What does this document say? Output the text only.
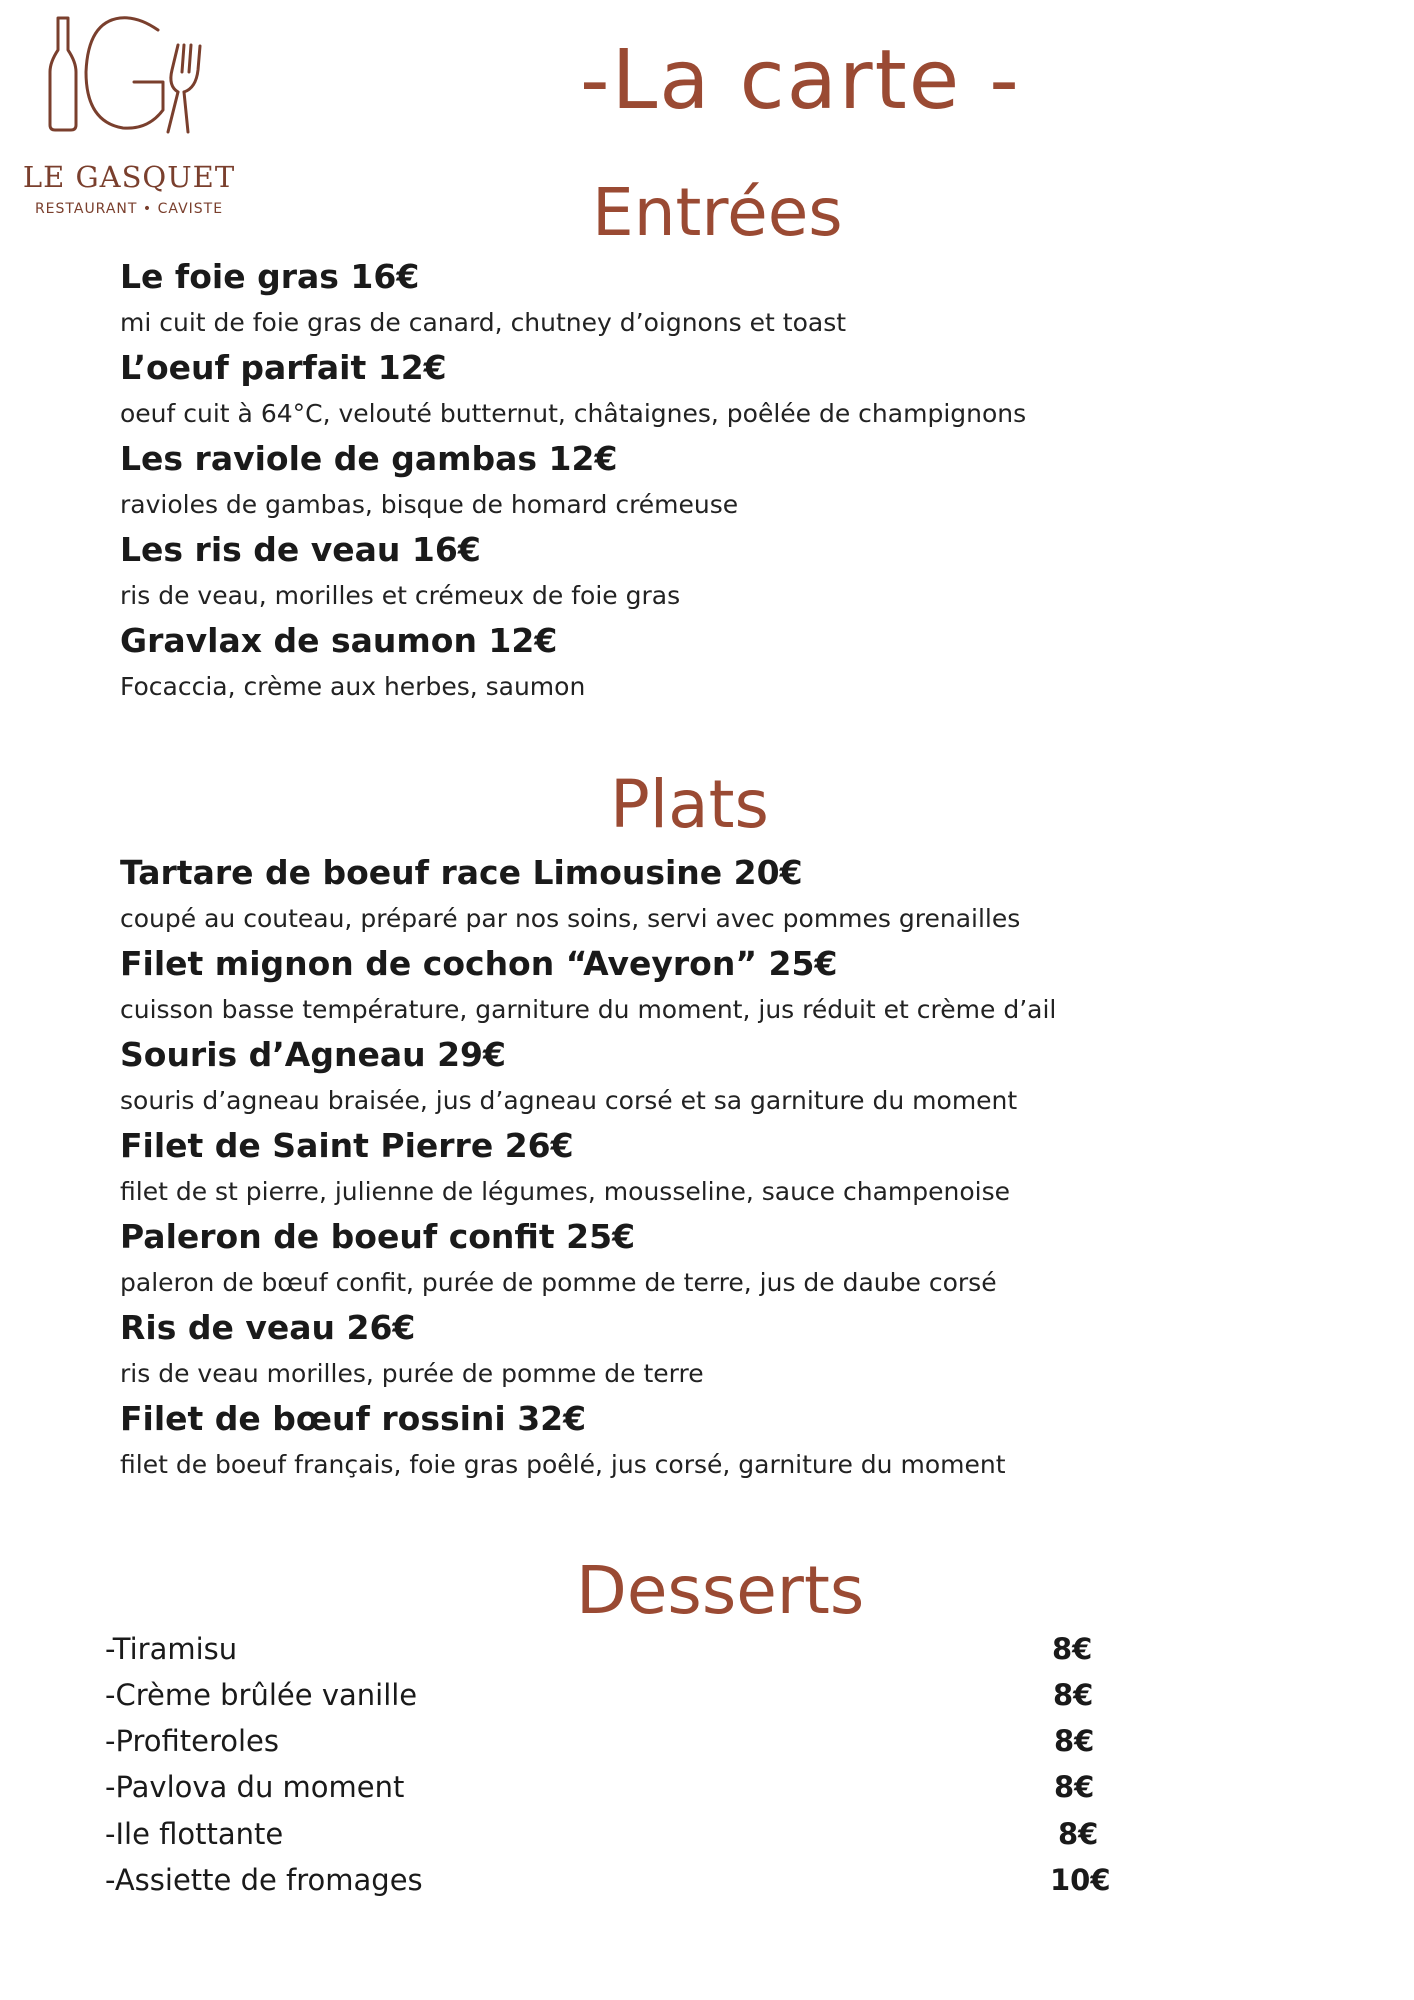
LE GASQUET
RESTAURANT • CAVISTE
-La carte -
Entrées
Le foie gras 16€
mi cuit de foie gras de canard, chutney d’oignons et toast
L’oeuf parfait 12€
oeuf cuit à 64°C, velouté butternut, châtaignes, poêlée de champignons
Les raviole de gambas 12€
ravioles de gambas, bisque de homard crémeuse
Les ris de veau 16€
ris de veau, morilles et crémeux de foie gras
Gravlax de saumon 12€
Focaccia, crème aux herbes, saumon
Plats
Tartare de boeuf race Limousine 20€
coupé au couteau, préparé par nos soins, servi avec pommes grenailles
Filet mignon de cochon “Aveyron” 25€
cuisson basse température, garniture du moment, jus réduit et crème d’ail
Souris d’Agneau 29€
souris d’agneau braisée, jus d’agneau corsé et sa garniture du moment
Filet de Saint Pierre 26€
filet de st pierre, julienne de légumes, mousseline, sauce champenoise
Paleron de boeuf confit 25€
paleron de bœuf confit, purée de pomme de terre, jus de daube corsé
Ris de veau 26€
ris de veau morilles, purée de pomme de terre
Filet de bœuf rossini 32€
filet de boeuf français, foie gras poêlé, jus corsé, garniture du moment
Desserts
-Tiramisu	8€
-Crème brûlée vanille	8€
-Profiteroles	8€
-Pavlova du moment	8€
-Ile flottante	8€
-Assiette de fromages	10€
